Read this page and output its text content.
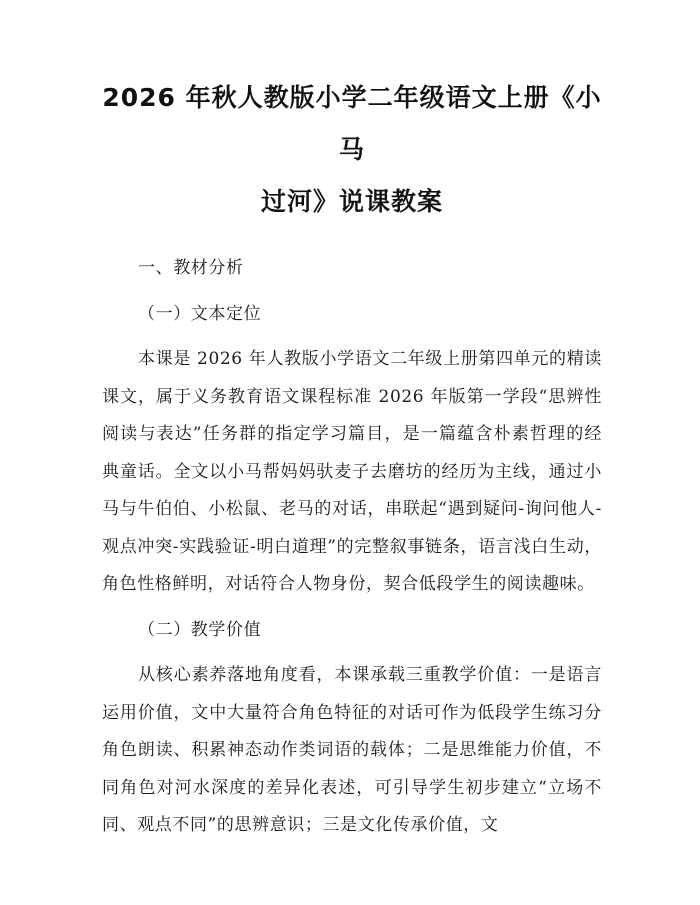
2026 年秋人教版小学二年级语文上册《小马
过河》说课教案

一、教材分析

（一）文本定位

本课是 2026 年人教版小学语文二年级上册第四单元的精读课文，属于义务教育语文课程标准 2026 年版第一学段“思辨性阅读与表达”任务群的指定学习篇目，是一篇蕴含朴素哲理的经典童话。全文以小马帮妈妈驮麦子去磨坊的经历为主线，通过小马与牛伯伯、小松鼠、老马的对话，串联起“遇到疑问-询问他人-观点冲突-实践验证-明白道理”的完整叙事链条，语言浅白生动，角色性格鲜明，对话符合人物身份，契合低段学生的阅读趣味。

（二）教学价值

从核心素养落地角度看，本课承载三重教学价值：一是语言运用价值，文中大量符合角色特征的对话可作为低段学生练习分角色朗读、积累神态动作类词语的载体；二是思维能力价值，不同角色对河水深度的差异化表述，可引导学生初步建立“立场不同、观点不同”的思辨意识；三是文化传承价值，文
